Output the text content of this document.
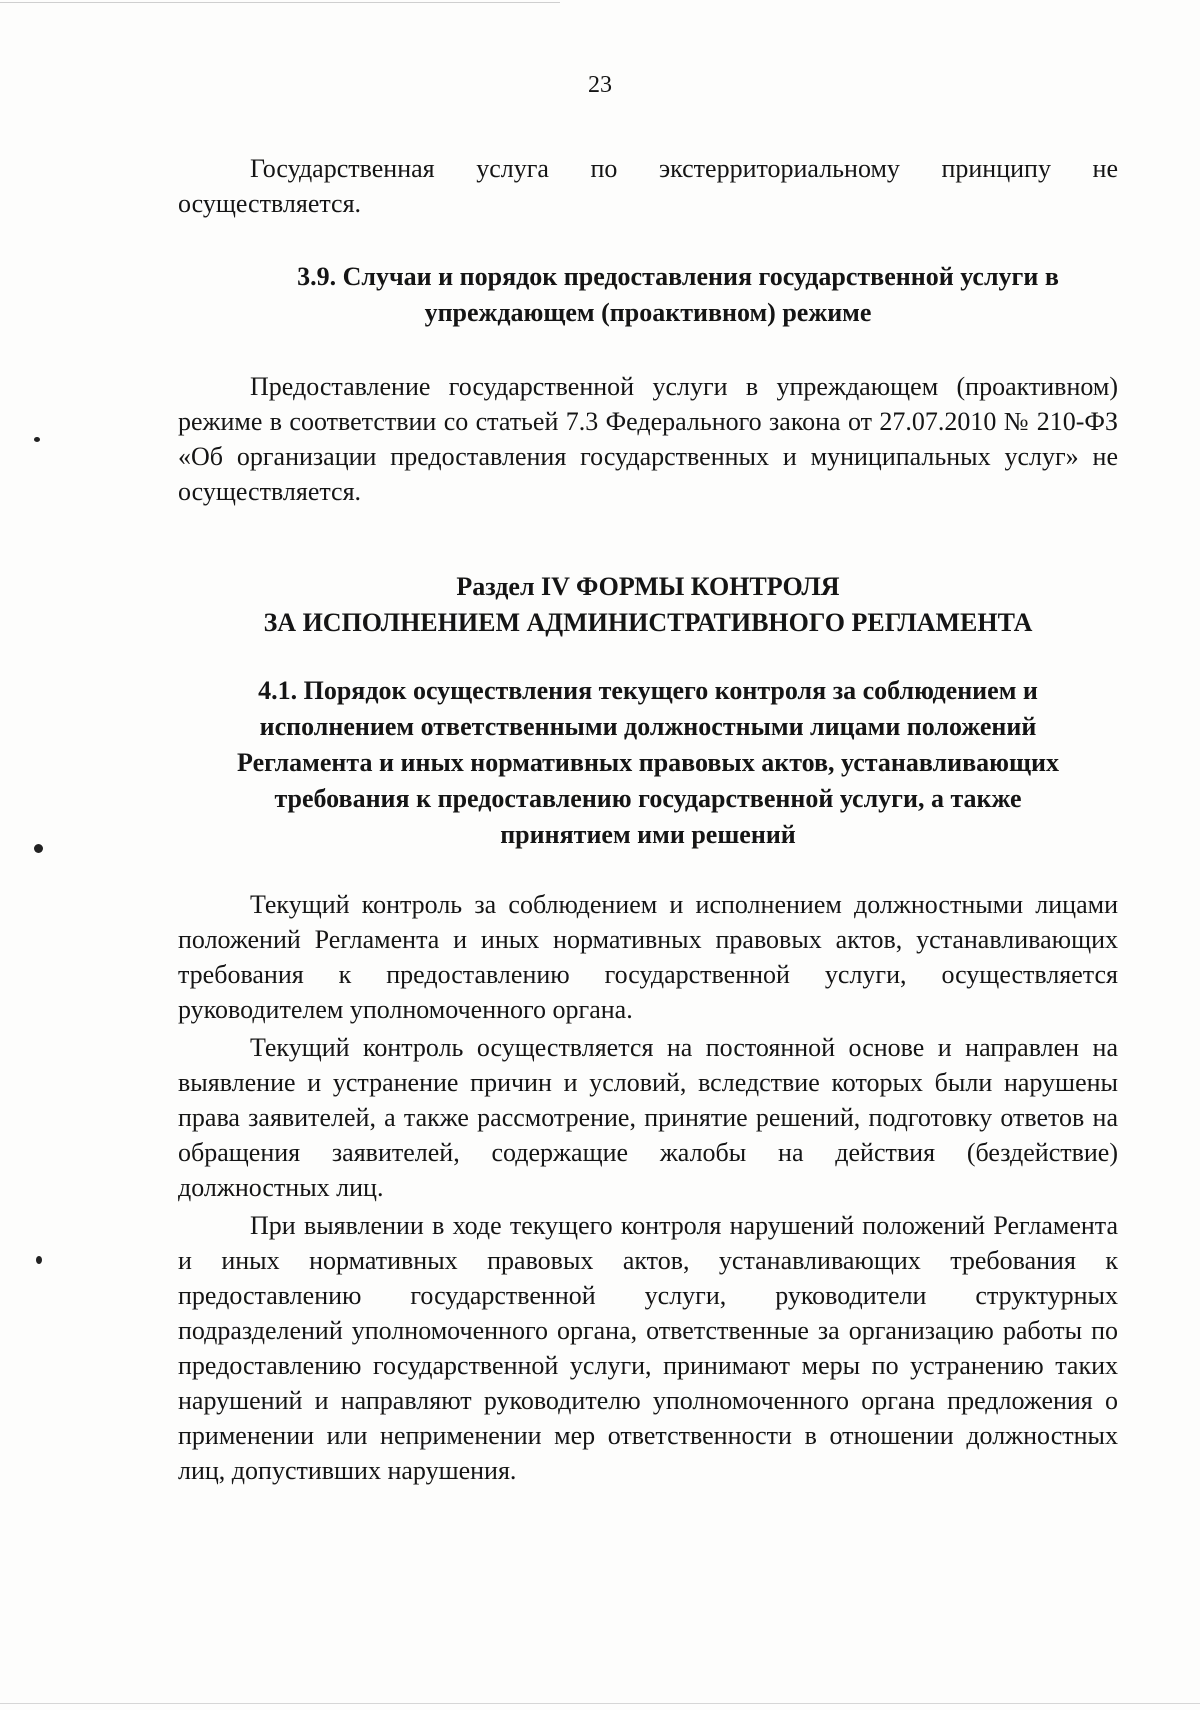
23

Государственная услуга по экстерриториальному принципу не осуществляется.

3.9. Случаи и порядок предоставления государственной услуги в
упреждающем (проактивном) режиме

Предоставление государственной услуги в упреждающем (проактивном) режиме в соответствии со статьей 7.3 Федерального закона от 27.07.2010 № 210-ФЗ «Об организации предоставления государственных и муниципальных услуг» не осуществляется.

Раздел IV ФОРМЫ КОНТРОЛЯ
ЗА ИСПОЛНЕНИЕМ АДМИНИСТРАТИВНОГО РЕГЛАМЕНТА
4.1. Порядок осуществления текущего контроля за соблюдением и
исполнением ответственными должностными лицами положений
Регламента и иных нормативных правовых актов, устанавливающих
требования к предоставлению государственной услуги, а также
принятием ими решений

Текущий контроль за соблюдением и исполнением должностными лицами положений Регламента и иных нормативных правовых актов, устанавливающих требования к предоставлению государственной услуги, осуществляется руководителем уполномоченного органа.

Текущий контроль осуществляется на постоянной основе и направлен на выявление и устранение причин и условий, вследствие которых были нарушены права заявителей, а также рассмотрение, принятие решений, подготовку ответов на обращения заявителей, содержащие жалобы на действия (бездействие) должностных лиц.

При выявлении в ходе текущего контроля нарушений положений Регламента и иных нормативных правовых актов, устанавливающих требования к предоставлению государственной услуги, руководители структурных подразделений уполномоченного органа, ответственные за организацию работы по предоставлению государственной услуги, принимают меры по устранению таких нарушений и направляют руководителю уполномоченного органа предложения о применении или неприменении мер ответственности в отношении должностных лиц, допустивших нарушения.
